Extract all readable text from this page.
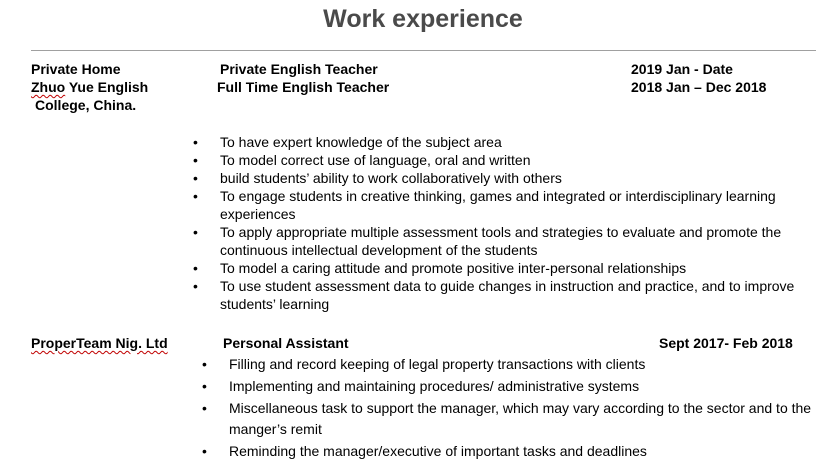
Work experience
Private Home
Zhuo Yue English
College, China.
Private English Teacher
Full Time English Teacher
2019 Jan - Date
2018 Jan – Dec 2018
• To have expert knowledge of the subject area
• To model correct use of language, oral and written
• build students’ ability to work collaboratively with others
• To engage students in creative thinking, games and integrated or interdisciplinary learning experiences
• To apply appropriate multiple assessment tools and strategies to evaluate and promote the continuous intellectual development of the students
• To model a caring attitude and promote positive inter-personal relationships
• To use student assessment data to guide changes in instruction and practice, and to improve students’ learning
ProperTeam Nig. Ltd	Personal Assistant	Sept 2017- Feb 2018
• Filling and record keeping of legal property transactions with clients
• Implementing and maintaining procedures/ administrative systems
• Miscellaneous task to support the manager, which may vary according to the sector and to the manger’s remit
• Reminding the manager/executive of important tasks and deadlines
